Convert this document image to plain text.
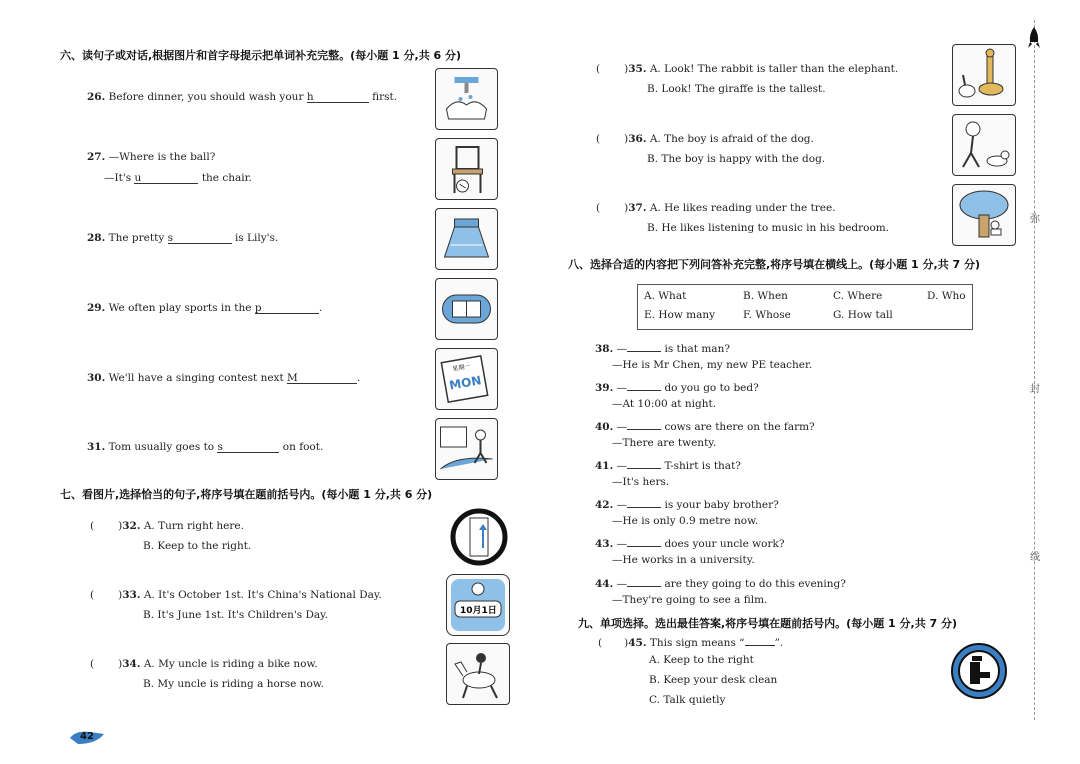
六、读句子或对话,根据图片和首字母提示把单词补充完整。(每小题 1 分,共 6 分)
26. Before dinner, you should wash your h	first.
27. —Where is the ball?
—It's u	the chair.
28. The pretty s	is Lily's.
29. We often play sports in the p	.
30. We'll have a singing contest next M	.
31. Tom usually goes to s	on foot.
星期一
MON
七、看图片,选择恰当的句子,将序号填在题前括号内。(每小题 1 分,共 6 分)
( )32. A. Turn right here.
B. Keep to the right.
( )33. A. It's October 1st. It's China's National Day.
B. It's June 1st. It's Children's Day.
( )34. A. My uncle is riding a bike now.
B. My uncle is riding a horse now.
10月1日
42
( )35. A. Look! The rabbit is taller than the elephant.
B. Look! The giraffe is the tallest.
( )36. A. The boy is afraid of the dog.
B. The boy is happy with the dog.
( )37. A. He likes reading under the tree.
B. He likes listening to music in his bedroom.
八、选择合适的内容把下列问答补充完整,将序号填在横线上。(每小题 1 分,共 7 分)
A. What	B. When	C. Where	D. Who
E. How many	F. Whose	G. How tall
38. —	is that man?
—He is Mr Chen, my new PE teacher.
39. —	do you go to bed?
—At 10:00 at night.
40. —	cows are there on the farm?
—There are twenty.
41. —	T-shirt is that?
—It's hers.
42. —	is your baby brother?
—He is only 0.9 metre now.
43. —	does your uncle work?
—He works in a university.
44. —	are they going to do this evening?
—They're going to see a film.
九、单项选择。选出最佳答案,将序号填在题前括号内。(每小题 1 分,共 7 分)
( )45. This sign means “	”.
A. Keep to the right
B. Keep your desk clean
C. Talk quietly
弥
封
线
